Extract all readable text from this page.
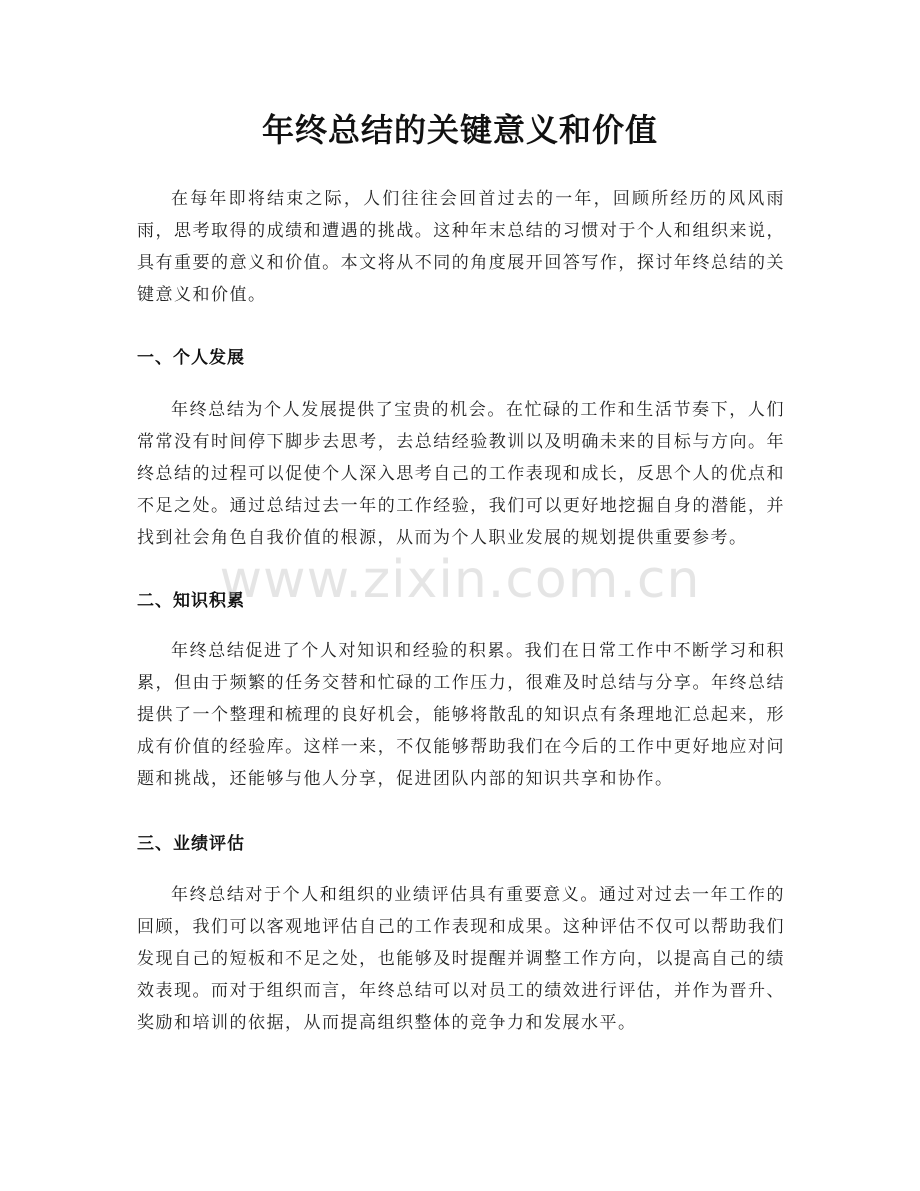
年终总结的关键意义和价值

在每年即将结束之际，人们往往会回首过去的一年，回顾所经历的风风雨雨，思考取得的成绩和遭遇的挑战。这种年末总结的习惯对于个人和组织来说，具有重要的意义和价值。本文将从不同的角度展开回答写作，探讨年终总结的关键意义和价值。

一、个人发展

年终总结为个人发展提供了宝贵的机会。在忙碌的工作和生活节奏下，人们常常没有时间停下脚步去思考，去总结经验教训以及明确未来的目标与方向。年终总结的过程可以促使个人深入思考自己的工作表现和成长，反思个人的优点和不足之处。通过总结过去一年的工作经验，我们可以更好地挖掘自身的潜能，并找到社会角色自我价值的根源，从而为个人职业发展的规划提供重要参考。

二、知识积累

年终总结促进了个人对知识和经验的积累。我们在日常工作中不断学习和积累，但由于频繁的任务交替和忙碌的工作压力，很难及时总结与分享。年终总结提供了一个整理和梳理的良好机会，能够将散乱的知识点有条理地汇总起来，形成有价值的经验库。这样一来，不仅能够帮助我们在今后的工作中更好地应对问题和挑战，还能够与他人分享，促进团队内部的知识共享和协作。

三、业绩评估

年终总结对于个人和组织的业绩评估具有重要意义。通过对过去一年工作的回顾，我们可以客观地评估自己的工作表现和成果。这种评估不仅可以帮助我们发现自己的短板和不足之处，也能够及时提醒并调整工作方向，以提高自己的绩效表现。而对于组织而言，年终总结可以对员工的绩效进行评估，并作为晋升、奖励和培训的依据，从而提高组织整体的竞争力和发展水平。

www.zixin.com.cn
